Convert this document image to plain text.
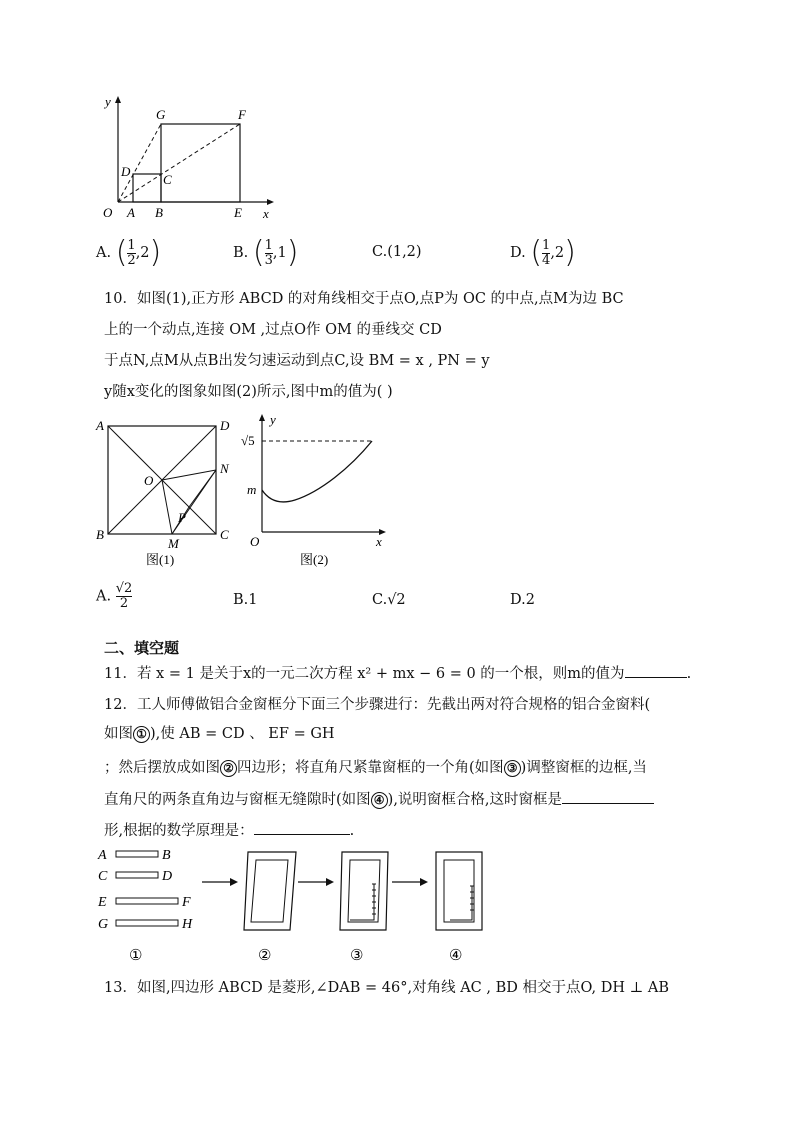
y
x
O A B	E
D
C
G	F
A. ( $\frac{1}{2} ,2$)	B. ( $\frac{1}{3} ,1$)	C.(1,2)	D. ( $\frac{1}{4} ,2$)
10．如图(1),正方形 ABCD 的对角线相交于点O,点P为 OC 的中点,点M为边 BC
上的一个动点,连接 OM ,过点O作 OM 的垂线交 CD
于点N,点M从点B出发匀速运动到点C,设 BM = x , PN = y
y随x变化的图象如图(2)所示,图中m的值为( )
A	D
B	C
O
N
P
M
图(1)
y
x
O
√5
m
图(2)
A. $\frac{√2}{2}$	B.1	C.√2	D.2
二、填空题
11．若 x = 1 是关于x的一元二次方程 x² + mx − 6 = 0 的一个根，则m的值为	.
12．工人师傅做铝合金窗框分下面三个步骤进行：先截出两对符合规格的铝合金窗料(
如图 ① ),使 AB = CD 、 EF = GH
；然后摆放成如图 ② 四边形；将直角尺紧靠窗框的一个角(如图 ③ )调整窗框的边框,当
直角尺的两条直角边与窗框无缝隙时(如图 ④ ),说明窗框合格,这时窗框是
形,根据的数学原理是：	.
A	B
C	D
E	F
G	H
①	②	③	④
13．如图,四边形 ABCD 是菱形,∠DAB = 46°,对角线 AC , BD 相交于点O, DH ⊥ AB
